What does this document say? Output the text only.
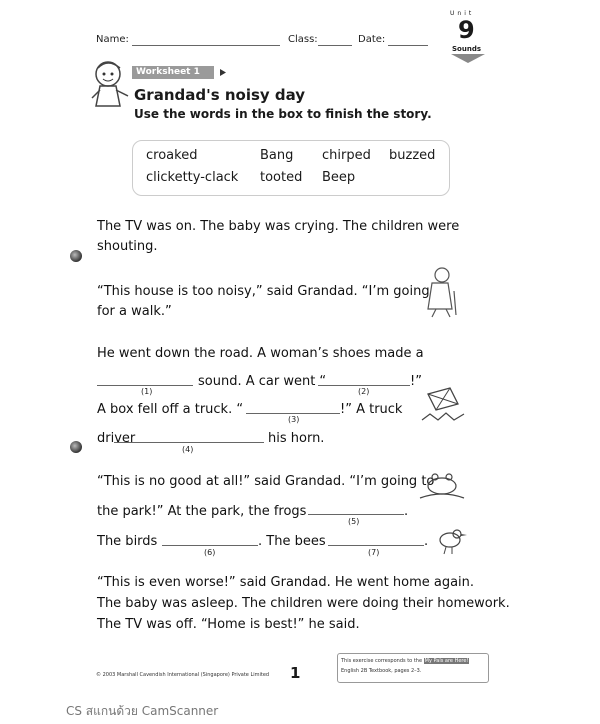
Name:	Class:	Date:
Unit
9
Sounds
Worksheet 1
Grandad's noisy day
Use the words in the box to finish the story.
croaked	Bang chirped buzzed
clicketty-clack tooted Beep
The TV was on. The baby was crying. The children were
shouting.
“This house is too noisy,” said Grandad. “I’m going
for a walk.”
He went down the road. A woman’s shoes made a
(1)
sound. A car went “
(2)
!”
A box fell off a truck. “
(3)
!” A truck
driver
(4)
his horn.
“This is no good at all!” said Grandad. “I’m going to
the park!” At the park, the frogs
(5)
.
The birds
(6)
. The bees
(7)
.
“This is even worse!” said Grandad. He went home again.
The baby was asleep. The children were doing their homework.
The TV was off. “Home is best!” he said.
© 2003 Marshall Cavendish International (Singapore) Private Limited 1
This exercise corresponds to the My Pals are Here!
English 2B Textbook, pages 2–3.
CS สแกนด้วย CamScanner
